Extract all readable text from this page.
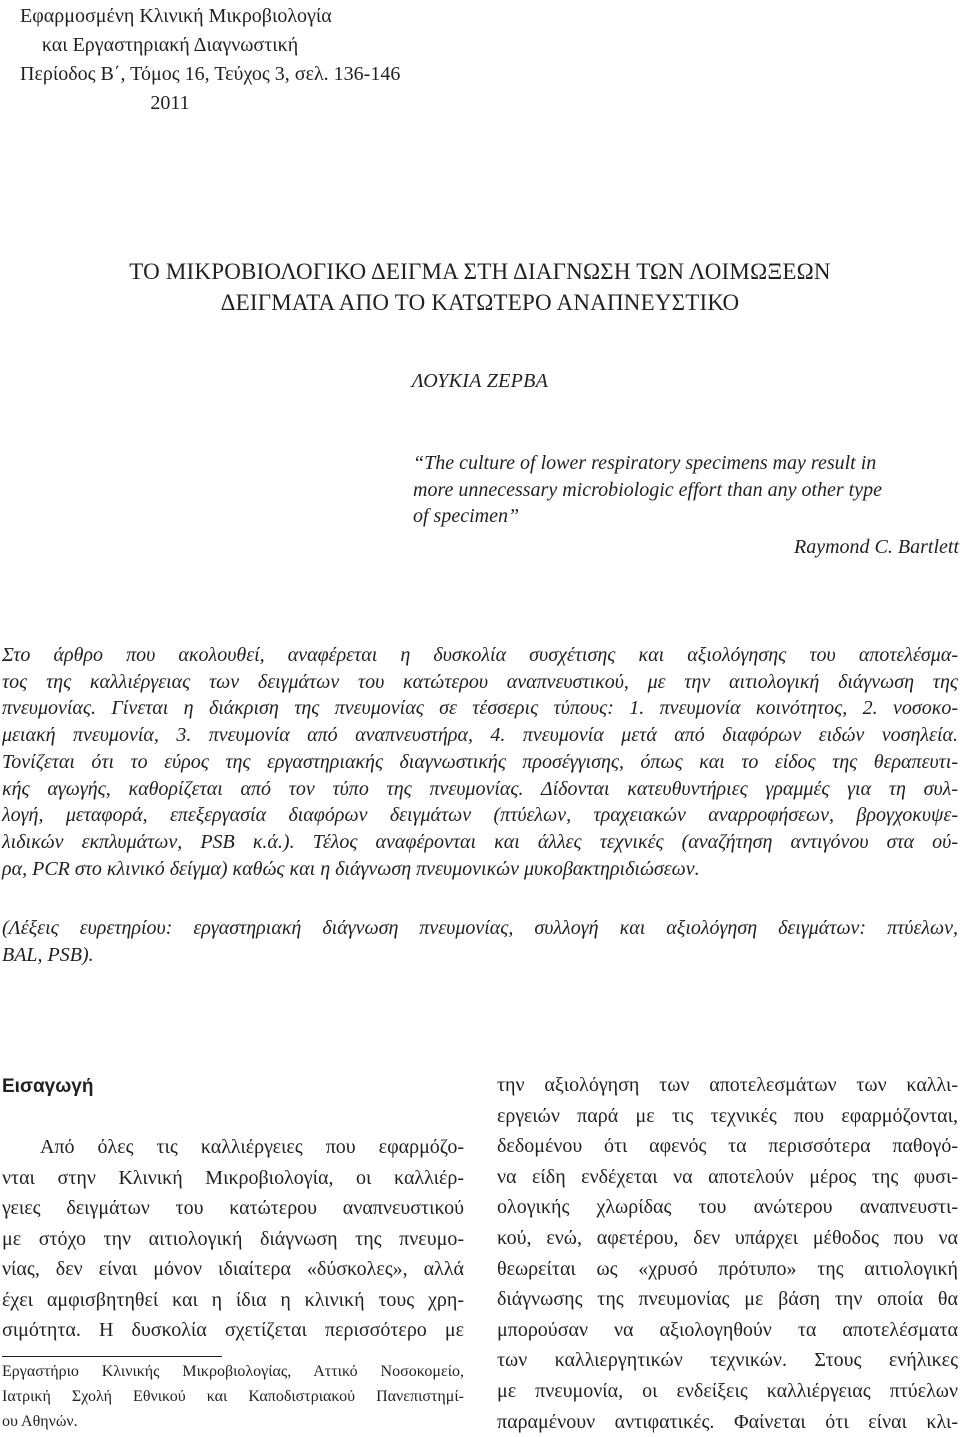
Εφαρμοσμένη Κλινική Μικροβιολογία
και Εργαστηριακή Διαγνωστική
Περίοδος Β΄, Τόμος 16, Τεύχος 3, σελ. 136-146
2011
ΤΟ ΜΙΚΡΟΒΙΟΛΟΓΙΚΟ ΔΕΙΓΜΑ ΣΤΗ ΔΙΑΓΝΩΣΗ ΤΩΝ ΛΟΙΜΩΞΕΩΝ
ΔΕΙΓΜΑΤΑ ΑΠΟ ΤΟ ΚΑΤΩΤΕΡΟ ΑΝΑΠΝΕΥΣΤΙΚΟ
ΛΟΥΚΙΑ ΖΕΡΒΑ
“The culture of lower respiratory specimens may result in
more unnecessary microbiologic effort than any other type
of specimen”
Raymond C. Bartlett
Στο άρθρο που ακολουθεί, αναφέρεται η δυσκολία συσχέτισης και αξιολόγησης του αποτελέσμα-
τος της καλλιέργειας των δειγμάτων του κατώτερου αναπνευστικού, με την αιτιολογική διάγνωση της
πνευμονίας. Γίνεται η διάκριση της πνευμονίας σε τέσσερις τύπους: 1. πνευμονία κοινότητος, 2. νοσοκο-
μειακή πνευμονία, 3. πνευμονία από αναπνευστήρα, 4. πνευμονία μετά από διαφόρων ειδών νοσηλεία.
Τονίζεται ότι το εύρος της εργαστηριακής διαγνωστικής προσέγγισης, όπως και το είδος της θεραπευτι-
κής αγωγής, καθορίζεται από τον τύπο της πνευμονίας. Δίδονται κατευθυντήριες γραμμές για τη συλ-
λογή, μεταφορά, επεξεργασία διαφόρων δειγμάτων (πτύελων, τραχειακών αναρροφήσεων, βρογχοκυψε-
λιδικών εκπλυμάτων, PSB κ.ά.). Τέλος αναφέρονται και άλλες τεχνικές (αναζήτηση αντιγόνου στα ού-
ρα, PCR στο κλινικό δείγμα) καθώς και η διάγνωση πνευμονικών μυκοβακτηριδιώσεων.
(Λέξεις ευρετηρίου: εργαστηριακή διάγνωση πνευμονίας, συλλογή και αξιολόγηση δειγμάτων: πτύελων,
BAL, PSB).
Εισαγωγή
Από όλες τις καλλιέργειες που εφαρμόζο-
νται στην Κλινική Μικροβιολογία, οι καλλιέρ-
γειες δειγμάτων του κατώτερου αναπνευστικού
με στόχο την αιτιολογική διάγνωση της πνευμο-
νίας, δεν είναι μόνον ιδιαίτερα «δύσκολες», αλλά
έχει αμφισβητηθεί και η ίδια η κλινική τους χρη-
σιμότητα. Η δυσκολία σχετίζεται περισσότερο με
Εργαστήριο Κλινικής Μικροβιολογίας, Αττικό Νοσοκομείο,
Ιατρική Σχολή Εθνικού και Καποδιστριακού Πανεπιστημί-
ου Αθηνών.
την αξιολόγηση των αποτελεσμάτων των καλλι-
εργειών παρά με τις τεχνικές που εφαρμόζονται,
δεδομένου ότι αφενός τα περισσότερα παθογό-
να είδη ενδέχεται να αποτελούν μέρος της φυσι-
ολογικής χλωρίδας του ανώτερου αναπνευστι-
κού, ενώ, αφετέρου, δεν υπάρχει μέθοδος που να
θεωρείται ως «χρυσό πρότυπο» της αιτιολογική
διάγνωσης της πνευμονίας με βάση την οποία θα
μπορούσαν να αξιολογηθούν τα αποτελέσματα
των καλλιεργητικών τεχνικών. Στους ενήλικες
με πνευμονία, οι ενδείξεις καλλιέργειας πτύελων
παραμένουν αντιφατικές. Φαίνεται ότι είναι κλι-
